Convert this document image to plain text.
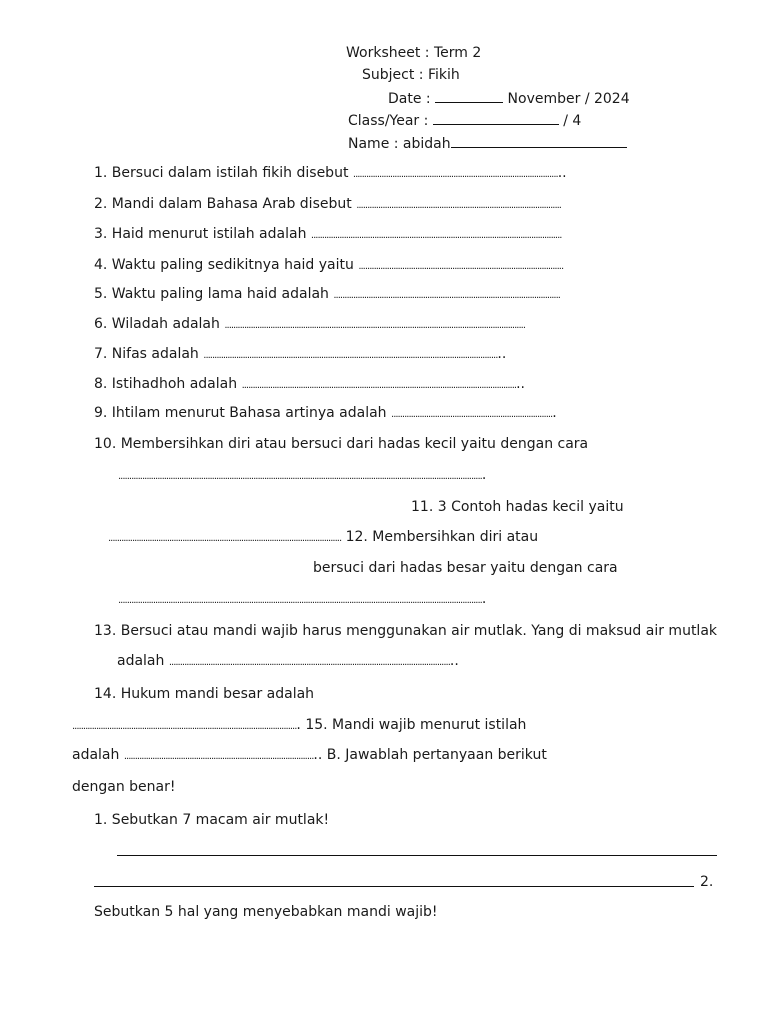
Worksheet : Term 2
Subject : Fikih
Date :	November / 2024
Class/Year :	/ 4
Name : abidah
1. Bersuci dalam istilah fikih disebut ................................................................................................
2. Mandi dalam Bahasa Arab disebut ..............................................................................................
3. Haid menurut istilah adalah ...................................................................................................................
4. Waktu paling sedikitnya haid yaitu ..............................................................................................
5. Waktu paling lama haid adalah ........................................................................................................
6. Wiladah adalah ..........................................................................................................................................
7. Nifas adalah .........................................................................................................................................
8. Istihadhoh adalah ................................................................................................................................
9. Ihtilam menurut Bahasa artinya adalah ...........................................................................
10. Membersihkan diri atau bersuci dari hadas kecil yaitu dengan cara
........................................................................................................................................................................
11. 3 Contoh hadas kecil yaitu
........................................................................................................... 12. Membersihkan diri atau
bersuci dari hadas besar yaitu dengan cara
........................................................................................................................................................................
13. Bersuci atau mandi wajib harus menggunakan air mutlak. Yang di maksud air mutlak
adalah ...................................................................................................................................
14. Hukum mandi besar adalah
........................................................................................................ 15. Mandi wajib menurut istilah
adalah ......................................................................................... B. Jawablah pertanyaan berikut
dengan benar!
1. Sebutkan 7 macam air mutlak!
2.
Sebutkan 5 hal yang menyebabkan mandi wajib!
